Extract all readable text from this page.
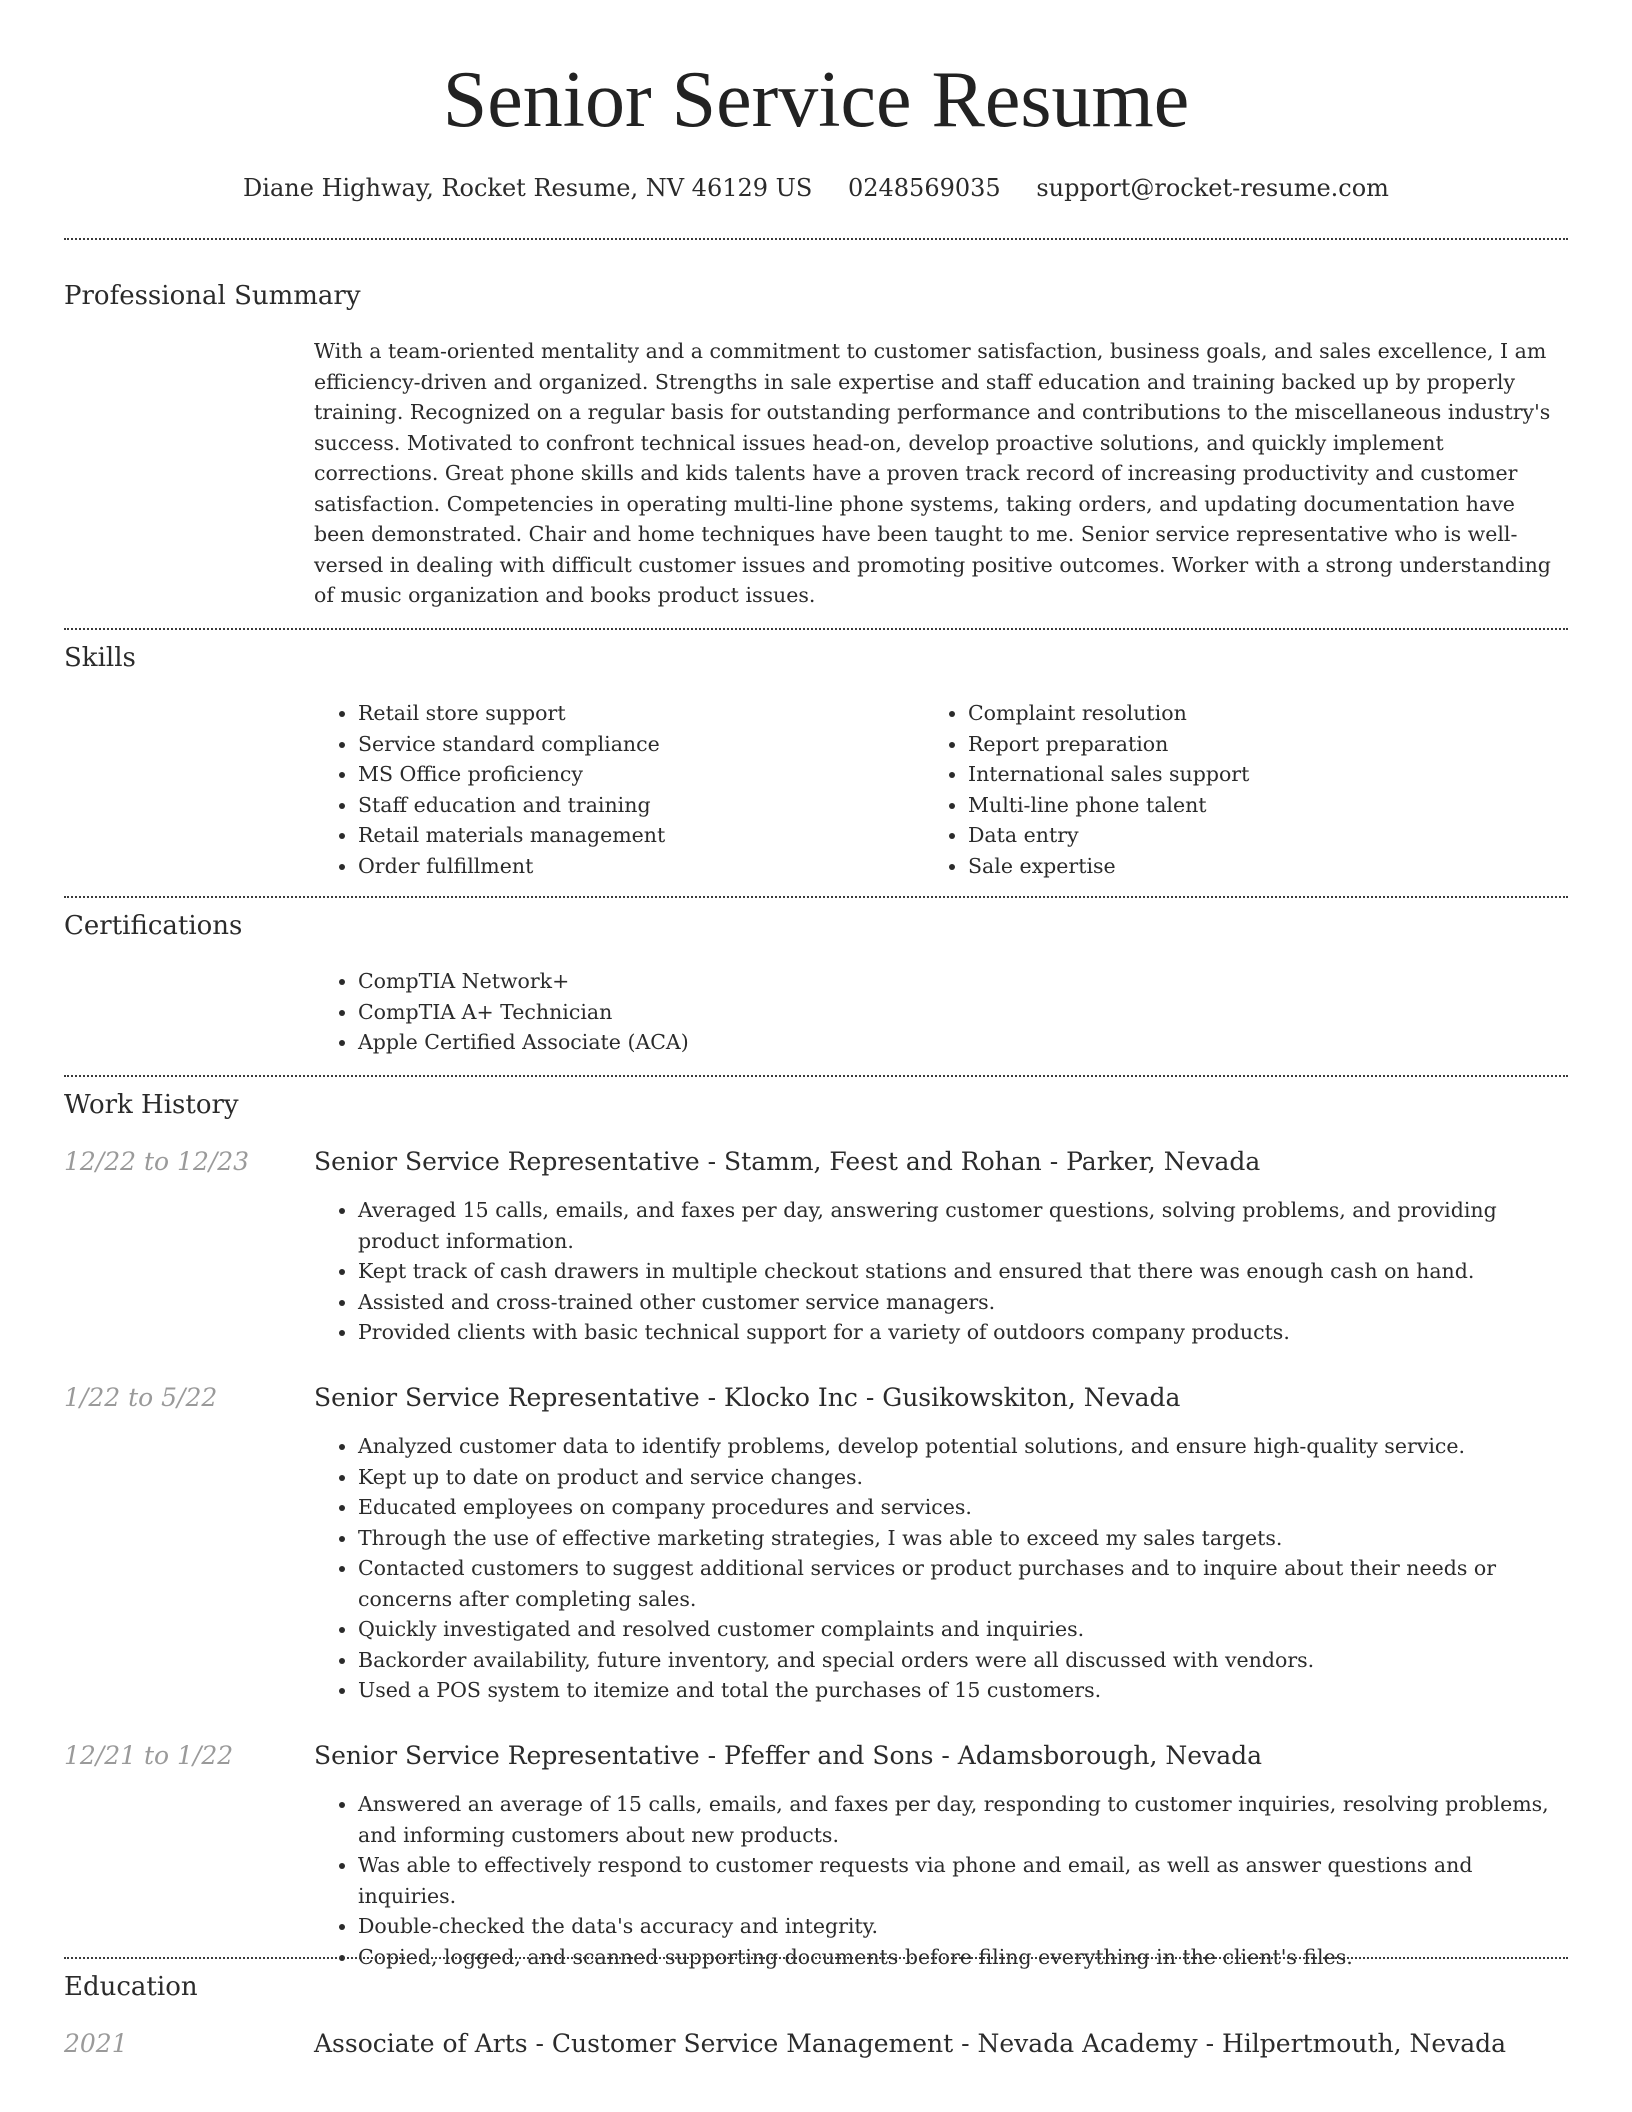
Senior Service Resume
Diane Highway, Rocket Resume, NV 46129 US 0248569035 support@rocket-resume.com
Professional Summary

With a team-oriented mentality and a commitment to customer satisfaction, business goals, and sales excellence, I am efficiency-driven and organized. Strengths in sale expertise and staff education and training backed up by properly training. Recognized on a regular basis for outstanding performance and contributions to the miscellaneous industry's success. Motivated to confront technical issues head-on, develop proactive solutions, and quickly implement corrections. Great phone skills and kids talents have a proven track record of increasing productivity and customer satisfaction. Competencies in operating multi-line phone systems, taking orders, and updating documentation have been demonstrated. Chair and home techniques have been taught to me. Senior service representative who is well-versed in dealing with difficult customer issues and promoting positive outcomes. Worker with a strong understanding of music organization and books product issues.

Skills
• Retail store support
• Service standard compliance
• MS Office proficiency
• Staff education and training
• Retail materials management
• Order fulfillment
• Complaint resolution
• Report preparation
• International sales support
• Multi-line phone talent
• Data entry
• Sale expertise
Certifications
• CompTIA Network+
• CompTIA A+ Technician
• Apple Certified Associate (ACA)
Work History
12/22 to 12/23	Senior Service Representative - Stamm, Feest and Rohan - Parker, Nevada
• Averaged 15 calls, emails, and faxes per day, answering customer questions, solving problems, and providing product information.
• Kept track of cash drawers in multiple checkout stations and ensured that there was enough cash on hand.
• Assisted and cross-trained other customer service managers.
• Provided clients with basic technical support for a variety of outdoors company products.
1/22 to 5/22	Senior Service Representative - Klocko Inc - Gusikowskiton, Nevada
• Analyzed customer data to identify problems, develop potential solutions, and ensure high-quality service.
• Kept up to date on product and service changes.
• Educated employees on company procedures and services.
• Through the use of effective marketing strategies, I was able to exceed my sales targets.
• Contacted customers to suggest additional services or product purchases and to inquire about their needs or concerns after completing sales.
• Quickly investigated and resolved customer complaints and inquiries.
• Backorder availability, future inventory, and special orders were all discussed with vendors.
• Used a POS system to itemize and total the purchases of 15 customers.
12/21 to 1/22	Senior Service Representative - Pfeffer and Sons - Adamsborough, Nevada
• Answered an average of 15 calls, emails, and faxes per day, responding to customer inquiries, resolving problems, and informing customers about new products.
• Was able to effectively respond to customer requests via phone and email, as well as answer questions and inquiries.
• Double-checked the data's accuracy and integrity.
• Copied, logged, and scanned supporting documents before filing everything in the client's files.
Education
2021	Associate of Arts - Customer Service Management - Nevada Academy - Hilpertmouth, Nevada
